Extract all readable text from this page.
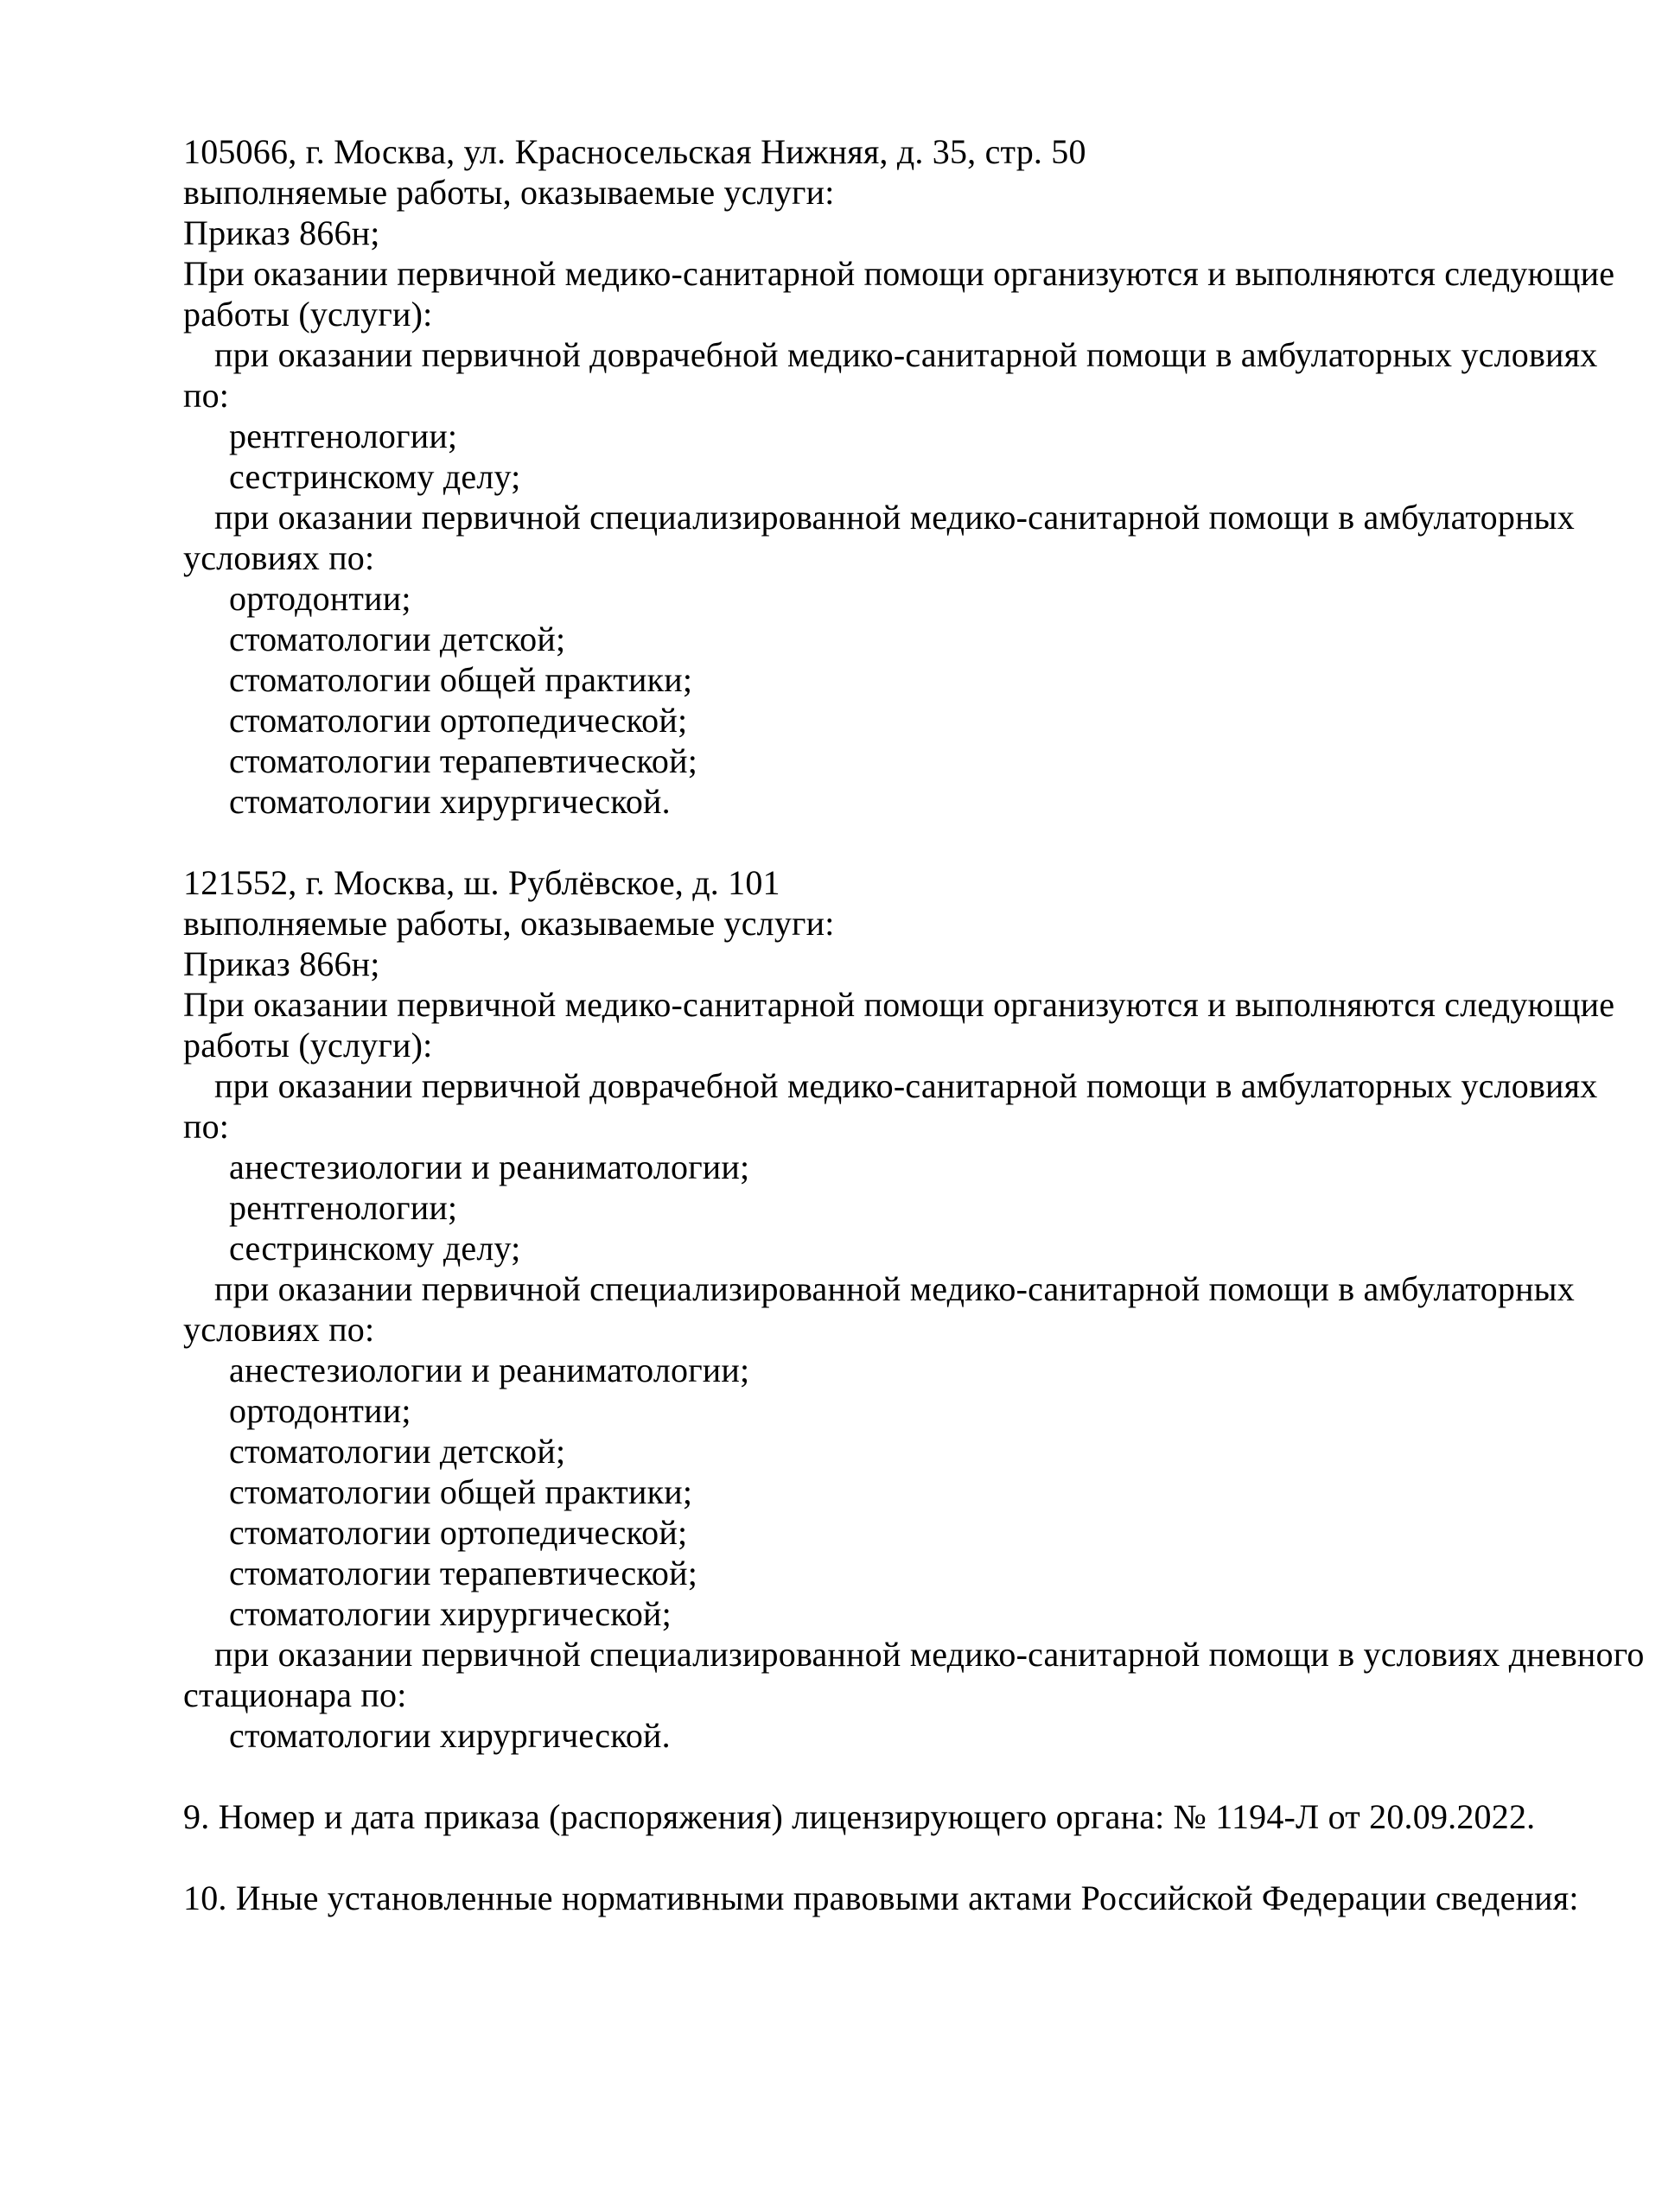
105066, г. Москва, ул. Красносельская Нижняя, д. 35, стр. 50
выполняемые работы, оказываемые услуги:
Приказ 866н;
При оказании первичной медико-санитарной помощи организуются и выполняются следующие
работы (услуги):
при оказании первичной доврачебной медико-санитарной помощи в амбулаторных условиях
по:
рентгенологии;
сестринскому делу;
при оказании первичной специализированной медико-санитарной помощи в амбулаторных
условиях по:
ортодонтии;
стоматологии детской;
стоматологии общей практики;
стоматологии ортопедической;
стоматологии терапевтической;
стоматологии хирургической.
121552, г. Москва, ш. Рублёвское, д. 101
выполняемые работы, оказываемые услуги:
Приказ 866н;
При оказании первичной медико-санитарной помощи организуются и выполняются следующие
работы (услуги):
при оказании первичной доврачебной медико-санитарной помощи в амбулаторных условиях
по:
анестезиологии и реаниматологии;
рентгенологии;
сестринскому делу;
при оказании первичной специализированной медико-санитарной помощи в амбулаторных
условиях по:
анестезиологии и реаниматологии;
ортодонтии;
стоматологии детской;
стоматологии общей практики;
стоматологии ортопедической;
стоматологии терапевтической;
стоматологии хирургической;
при оказании первичной специализированной медико-санитарной помощи в условиях дневного
стационара по:
стоматологии хирургической.
9. Номер и дата приказа (распоряжения) лицензирующего органа: № 1194-Л от 20.09.2022.
10. Иные установленные нормативными правовыми актами Российской Федерации сведения:
